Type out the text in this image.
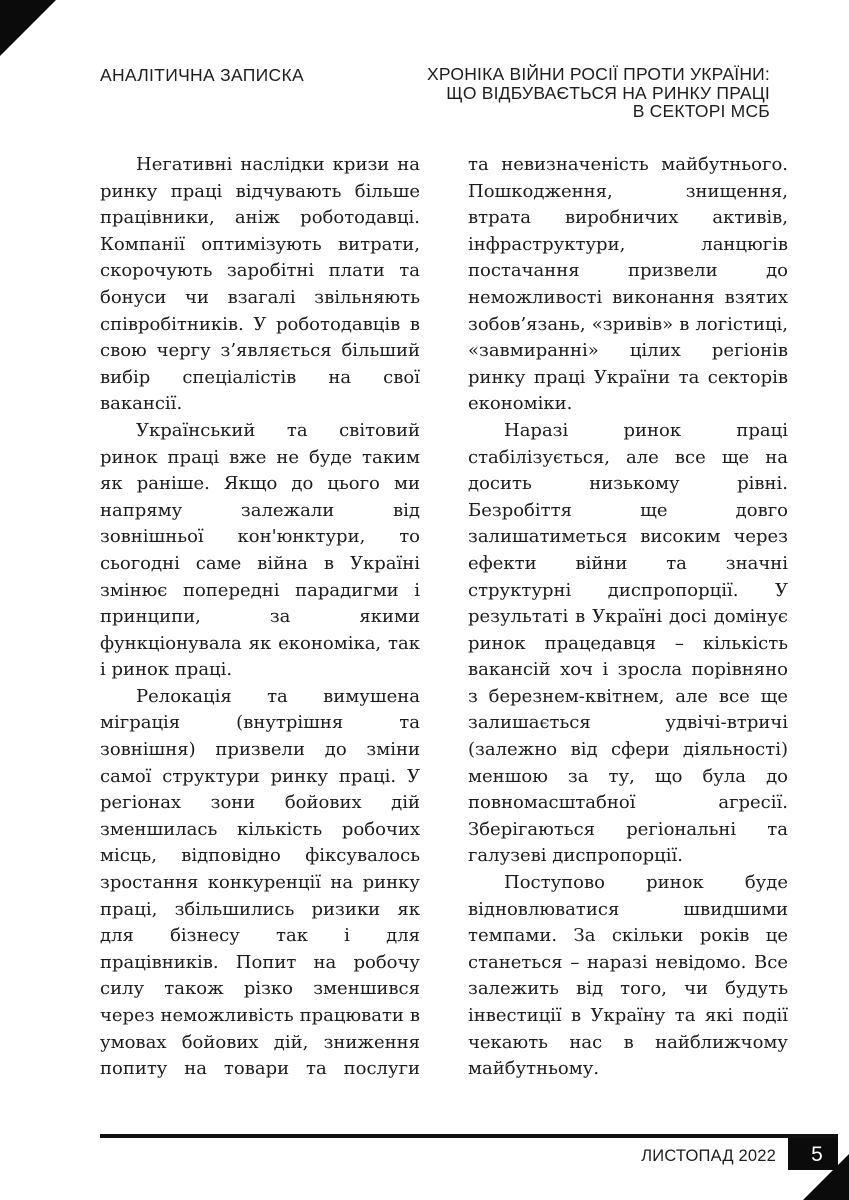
АНАЛІТИЧНА ЗАПИСКА	ХРОНІКА ВІЙНИ РОСІЇ ПРОТИ УКРАЇНИ:
ЩО ВІДБУВАЄТЬСЯ НА РИНКУ ПРАЦІ
В СЕКТОРІ МСБ

Негативні наслідки кризи на ринку праці відчувають більше працівники, аніж роботодавці. Компанії оптимізують витрати, скорочують заробітні плати та бонуси чи взагалі звільняють співробітників. У роботодавців в свою чергу з’являється більший вибір спеціалістів на свої вакансії.

Український та світовий ринок праці вже не буде таким як раніше. Якщо до цього ми напряму залежали від зовнішньої кон'юнктури, то сьогодні саме війна в Україні змінює попередні парадигми і принципи, за якими функціонувала як економіка, так і ринок праці.

Релокація та вимушена міграція (внутрішня та зовнішня) призвели до зміни самої структури ринку праці. У регіонах зони бойових дій зменшилась кількість робочих місць, відповідно фіксувалось зростання конкуренції на ринку праці, збільшились ризики як для бізнесу так і для працівників. Попит на робочу силу також різко зменшився через неможливість працювати в умовах бойових дій, зниження попиту на товари та послуги

та невизначеність майбутнього. Пошкодження, знищення, втрата виробничих активів, інфраструктури, ланцюгів постачання призвели до неможливості виконання взятих зобов’язань, «зривів» в логістиці, «завмиранні» цілих регіонів ринку праці України та секторів економіки.

Наразі ринок праці стабілізується, але все ще на досить низькому рівні. Безробіття ще довго залишатиметься високим через ефекти війни та значні структурні диспропорції. У результаті в Україні досі домінує ринок працедавця – кількість вакансій хоч і зросла порівняно з березнем-квітнем, але все ще залишається удвічі-втричі (залежно від сфери діяльності) меншою за ту, що була до повномасштабної агресії. Зберігаються регіональні та галузеві диспропорції.

Поступово ринок буде відновлюватися швидшими темпами. За скільки років це станеться – наразі невідомо. Все залежить від того, чи будуть інвестиції в Україну та які події чекають нас в найближчому майбутньому.

ЛИСТОПАД 2022 5
